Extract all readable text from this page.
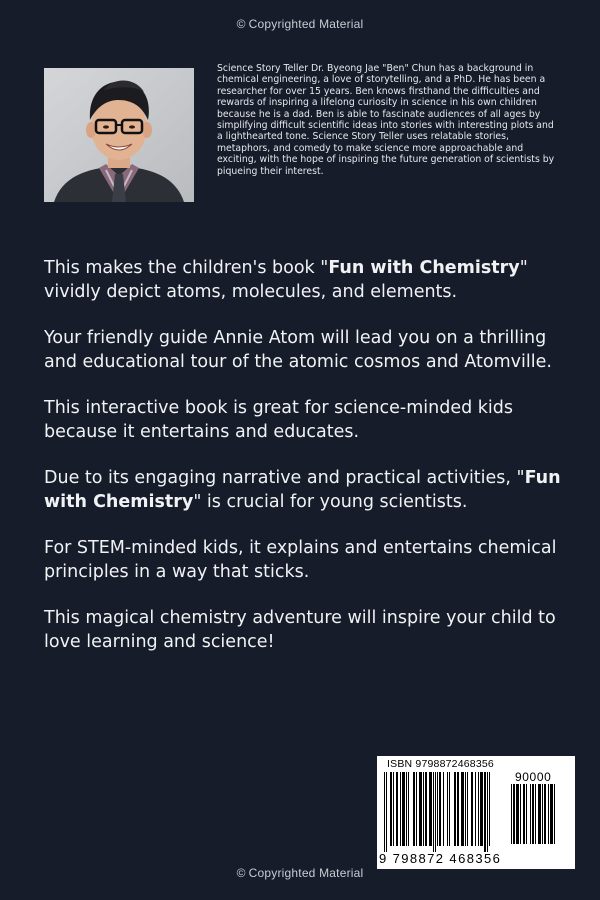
© Copyrighted Material

Science Story Teller Dr. Byeong Jae "Ben" Chun has a background in chemical engineering, a love of storytelling, and a PhD. He has been a researcher for over 15 years. Ben knows firsthand the difficulties and rewards of inspiring a lifelong curiosity in science in his own children because he is a dad. Ben is able to fascinate audiences of all ages by simplifying difficult scientific ideas into stories with interesting plots and a lighthearted tone. Science Story Teller uses relatable stories, metaphors, and comedy to make science more approachable and exciting, with the hope of inspiring the future generation of scientists by piqueing their interest.

This makes the children's book "Fun with Chemistry" vividly depict atoms, molecules, and elements.

Your friendly guide Annie Atom will lead you on a thrilling and educational tour of the atomic cosmos and Atomville.

This interactive book is great for science-minded kids because it entertains and educates.

Due to its engaging narrative and practical activities, "Fun with Chemistry" is crucial for young scientists.

For STEM-minded kids, it explains and entertains chemical principles in a way that sticks.

This magical chemistry adventure will inspire your child to love learning and science!

ISBN 9798872468356
90000
9 798872 468356
© Copyrighted Material
